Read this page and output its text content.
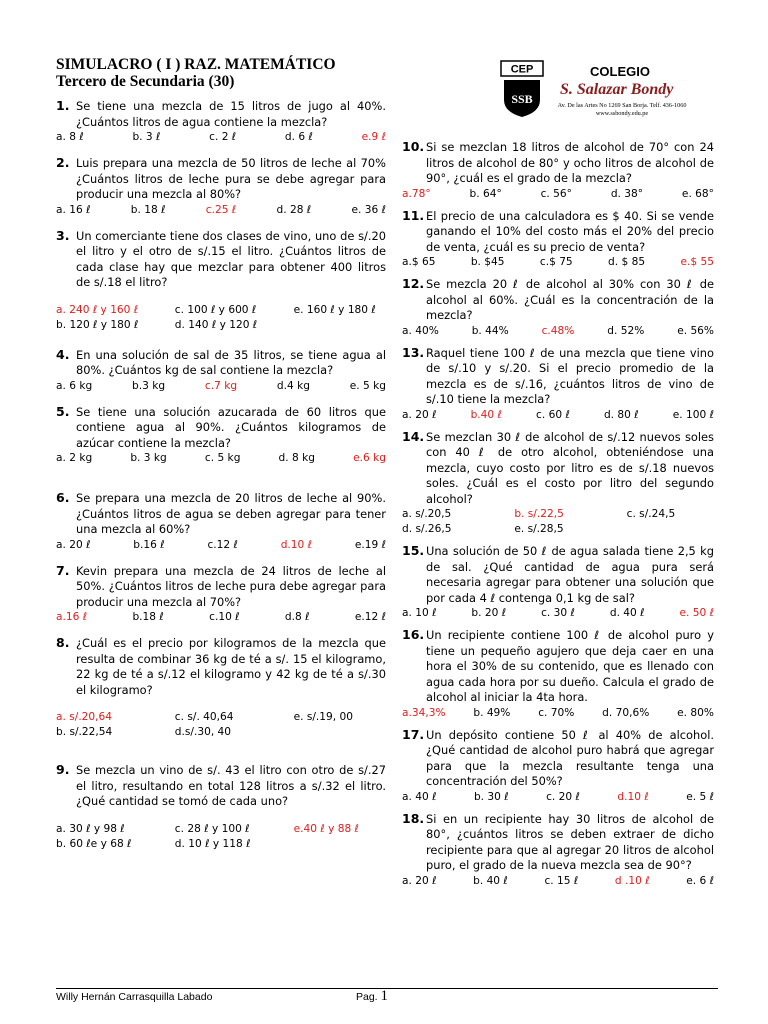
SIMULACRO ( I ) RAZ. MATEMÁTICO
Tercero de Secundaria (30)
CEP
SSB
COLEGIO
S. Salazar Bondy
Av. De las Artes No 1269 San Borja. Telf. 436-1060
www.ssbondy.edu.pe
1. Se tiene una mezcla de 15 litros de jugo al 40%. ¿Cuántos litros de agua contiene la mezcla?
a. 8 ℓ	b. 3 ℓ	c. 2 ℓ	d. 6 ℓ	e.9 ℓ
2. Luis prepara una mezcla de 50 litros de leche al 70% ¿Cuántos litros de leche pura se debe agregar para producir una mezcla al 80%?
a. 16 ℓ	b. 18 ℓ	c.25 ℓ	d. 28 ℓ	e. 36 ℓ
3. Un comerciante tiene dos clases de vino, uno de s/.20 el litro y el otro de s/.15 el litro. ¿Cuántos litros de cada clase hay que mezclar para obtener 400 litros de s/.18 el litro?
a. 240 ℓ y 160 ℓ	c. 100 ℓ y 600 ℓ	e. 160 ℓ y 180 ℓ
b. 120 ℓ y 180 ℓ	d. 140 ℓ y 120 ℓ
4. En una solución de sal de 35 litros, se tiene agua al 80%. ¿Cuántos kg de sal contiene la mezcla?
a. 6 kg	b.3 kg	c.7 kg	d.4 kg	e. 5 kg
5. Se tiene una solución azucarada de 60 litros que contiene agua al 90%. ¿Cuántos kilogramos de azúcar contiene la mezcla?
a. 2 kg	b. 3 kg	c. 5 kg	d. 8 kg	e.6 kg
6. Se prepara una mezcla de 20 litros de leche al 90%. ¿Cuántos litros de agua se deben agregar para tener una mezcla al 60%?
a. 20 ℓ	b.16 ℓ	c.12 ℓ	d.10 ℓ	e.19 ℓ
7. Kevin prepara una mezcla de 24 litros de leche al 50%. ¿Cuántos litros de leche pura debe agregar para producir una mezcla al 70%?
a.16 ℓ	b.18 ℓ	c.10 ℓ	d.8 ℓ	e.12 ℓ
8. ¿Cuál es el precio por kilogramos de la mezcla que resulta de combinar 36 kg de té a s/. 15 el kilogramo, 22 kg de té a s/.12 el kilogramo y 42 kg de té a s/.30 el kilogramo?
a. s/.20,64	c. s/. 40,64	e. s/.19, 00
b. s/.22,54	d.s/.30, 40
9. Se mezcla un vino de s/. 43 el litro con otro de s/.27 el litro, resultando en total 128 litros a s/.32 el litro. ¿Qué cantidad se tomó de cada uno?
a. 30 ℓ y 98 ℓ	c. 28 ℓ y 100 ℓ	e.40 ℓ y 88 ℓ
b. 60 ℓe y 68 ℓ	d. 10 ℓ y 118 ℓ
10. Si se mezclan 18 litros de alcohol de 70° con 24 litros de alcohol de 80° y ocho litros de alcohol de 90°, ¿cuál es el grado de la mezcla?
a.78°	b. 64°	c. 56°	d. 38°	e. 68°
11. El precio de una calculadora es $ 40. Si se vende ganando el 10% del costo más el 20% del precio de venta, ¿cuál es su precio de venta?
a.$ 65	b. $45	c.$ 75	d. $ 85	e.$ 55
12. Se mezcla 20 ℓ de alcohol al 30% con 30 ℓ de alcohol al 60%. ¿Cuál es la concentración de la mezcla?
a. 40%	b. 44%	c.48%	d. 52%	e. 56%
13. Raquel tiene 100 ℓ de una mezcla que tiene vino de s/.10 y s/.20. Si el precio promedio de la mezcla es de s/.16, ¿cuántos litros de vino de s/.10 tiene la mezcla?
a. 20 ℓ	b.40 ℓ	c. 60 ℓ	d. 80 ℓ	e. 100 ℓ
14. Se mezclan 30 ℓ de alcohol de s/.12 nuevos soles con 40 ℓ de otro alcohol, obteniéndose una mezcla, cuyo costo por litro es de s/.18 nuevos soles. ¿Cuál es el costo por litro del segundo alcohol?
a. s/.20,5	b. s/.22,5	c. s/.24,5
d. s/.26,5	e. s/.28,5
15. Una solución de 50 ℓ de agua salada tiene 2,5 kg de sal. ¿Qué cantidad de agua pura será necesaria agregar para obtener una solución que por cada 4 ℓ contenga 0,1 kg de sal?
a. 10 ℓ	b. 20 ℓ	c. 30 ℓ	d. 40 ℓ	e. 50 ℓ
16. Un recipiente contiene 100 ℓ de alcohol puro y tiene un pequeño agujero que deja caer en una hora el 30% de su contenido, que es llenado con agua cada hora por su dueño. Calcula el grado de alcohol al iniciar la 4ta hora.
a.34,3%	b. 49%	c. 70%	d. 70,6%	e. 80%
17. Un depósito contiene 50 ℓ al 40% de alcohol. ¿Qué cantidad de alcohol puro habrá que agregar para que la mezcla resultante tenga una concentración del 50%?
a. 40 ℓ	b. 30 ℓ	c. 20 ℓ	d.10 ℓ	e. 5 ℓ
18. Si en un recipiente hay 30 litros de alcohol de 80°, ¿cuántos litros se deben extraer de dicho recipiente para que al agregar 20 litros de alcohol puro, el grado de la nueva mezcla sea de 90°?
a. 20 ℓ	b. 40 ℓ	c. 15 ℓ	d .10 ℓ	e. 6 ℓ
Willy Hernán Carrasquilla Labado	Pag. 1
